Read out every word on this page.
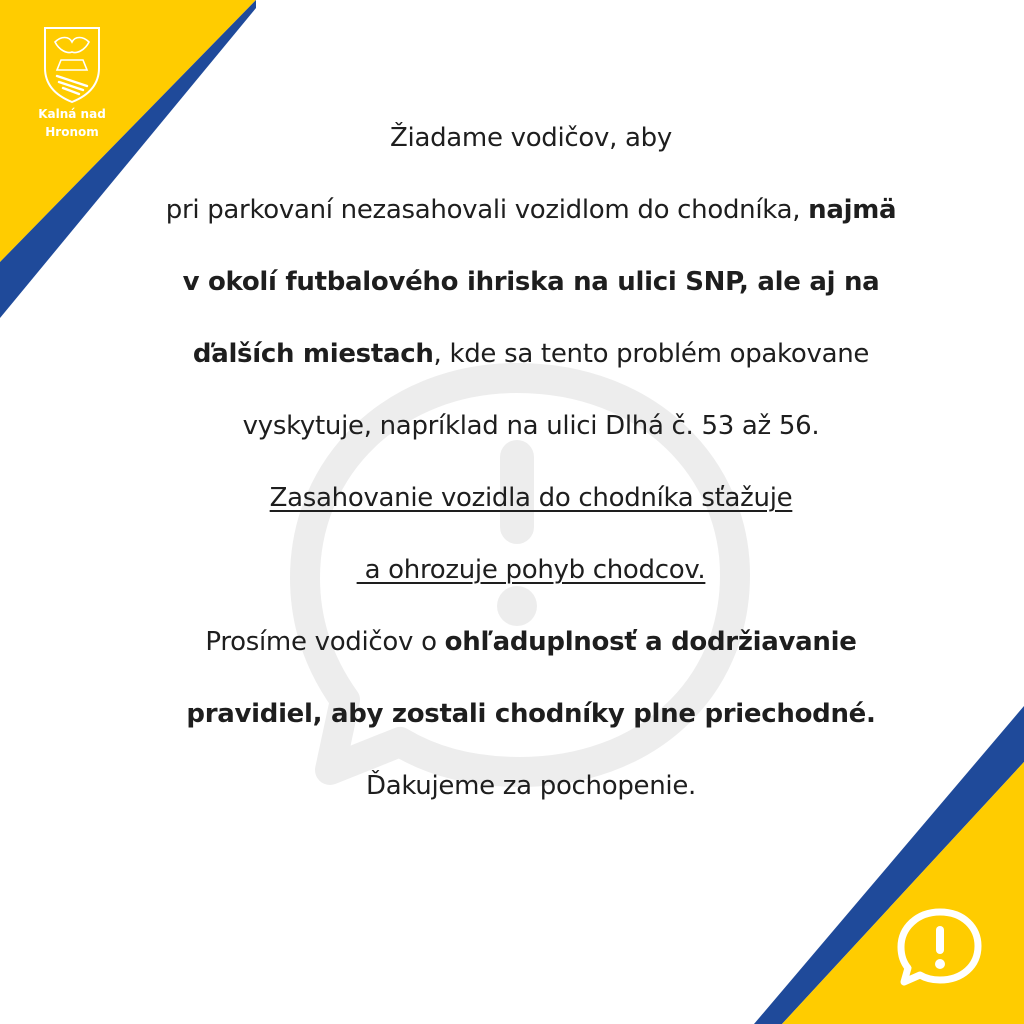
Kalná nad
Hronom	Žiadame vodičov, aby
pri parkovaní nezasahovali vozidlom do chodníka, najmä
v okolí futbalového ihriska na ulici SNP, ale aj na
ďalších miestach, kde sa tento problém opakovane
vyskytuje, napríklad na ulici Dlhá č. 53 až 56.
Zasahovanie vozidla do chodníka sťažuje
a ohrozuje pohyb chodcov.
Prosíme vodičov o ohľaduplnosť a dodržiavanie
pravidiel, aby zostali chodníky plne priechodné.
Ďakujeme za pochopenie.
